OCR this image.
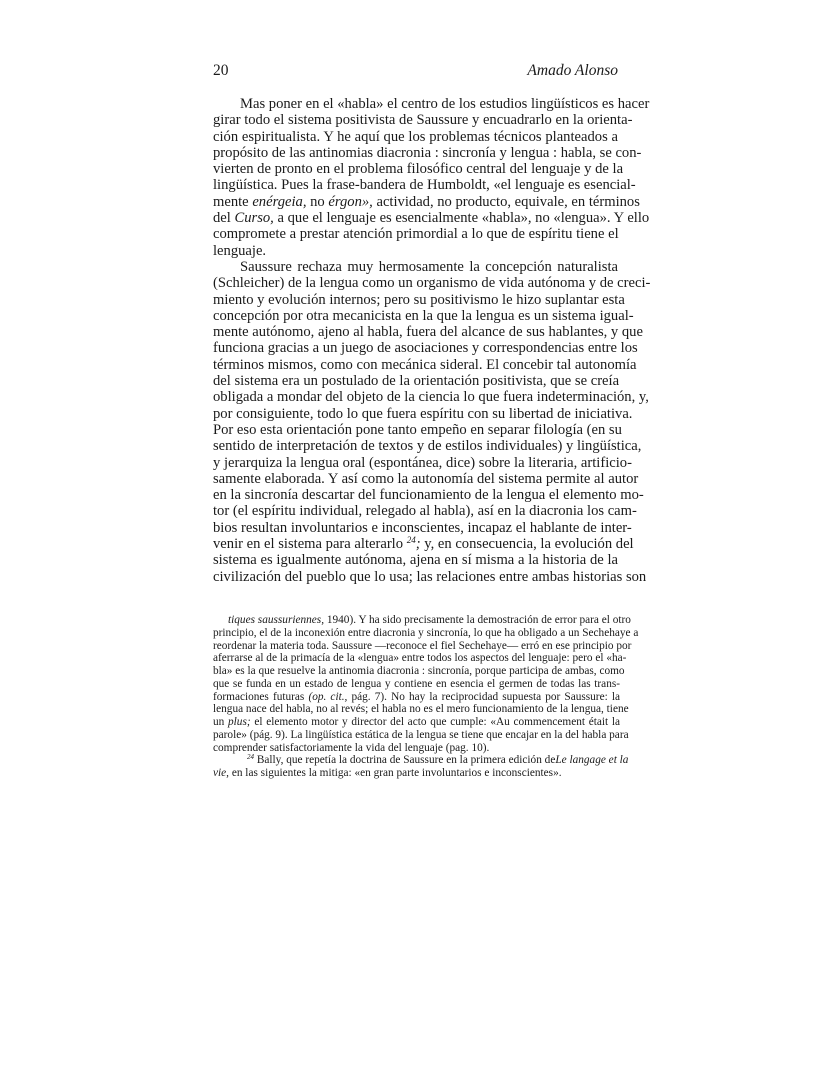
20	Amado Alonso
Mas poner en el «habla» el centro de los estudios lingüísticos es hacer
girar todo el sistema positivista de Saussure y encuadrarlo en la orienta-
ción espiritualista. Y he aquí que los problemas técnicos planteados a
propósito de las antinomias diacronia : sincronía y lengua : habla, se con-
vierten de pronto en el problema filosófico central del lenguaje y de la
lingüística. Pues la frase-bandera de Humboldt, «el lenguaje es esencial-
mente enérgeia, no érgon», actividad, no producto, equivale, en términos
del Curso, a que el lenguaje es esencialmente «habla», no «lengua». Y ello
compromete a prestar atención primordial a lo que de espíritu tiene el
lenguaje.
Saussure rechaza muy hermosamente la concepción naturalista
(Schleicher) de la lengua como un organismo de vida autónoma y de creci-
miento y evolución internos; pero su positivismo le hizo suplantar esta
concepción por otra mecanicista en la que la lengua es un sistema igual-
mente autónomo, ajeno al habla, fuera del alcance de sus hablantes, y que
funciona gracias a un juego de asociaciones y correspondencias entre los
términos mismos, como con mecánica sideral. El concebir tal autonomía
del sistema era un postulado de la orientación positivista, que se creía
obligada a mondar del objeto de la ciencia lo que fuera indeterminación, y,
por consiguiente, todo lo que fuera espíritu con su libertad de iniciativa.
Por eso esta orientación pone tanto empeño en separar filología (en su
sentido de interpretación de textos y de estilos individuales) y lingüística,
y jerarquiza la lengua oral (espontánea, dice) sobre la literaria, artificio-
samente elaborada. Y así como la autonomía del sistema permite al autor
en la sincronía descartar del funcionamiento de la lengua el elemento mo-
tor (el espíritu individual, relegado al habla), así en la diacronia los cam-
bios resultan involuntarios e inconscientes, incapaz el hablante de inter-
venir en el sistema para alterarlo $^{24}$; y, en consecuencia, la evolución del
sistema es igualmente autónoma, ajena en sí misma a la historia de la
civilización del pueblo que lo usa; las relaciones entre ambas historias son
tiques saussuriennes, 1940). Y ha sido precisamente la demostración de error para el otro
principio, el de la inconexión entre diacronia y sincronía, lo que ha obligado a un Sechehaye a
reordenar la materia toda. Saussure —reconoce el fiel Sechehaye— erró en ese principio por
aferrarse al de la primacía de la «lengua» entre todos los aspectos del lenguaje: pero el «ha-
bla» es la que resuelve la antinomia diacronia : sincronía, porque participa de ambas, como
que se funda en un estado de lengua y contiene en esencia el germen de todas las trans-
formaciones futuras (op. cit., pág. 7). No hay la reciprocidad supuesta por Saussure: la
lengua nace del habla, no al revés; el habla no es el mero funcionamiento de la lengua, tiene
un plus; el elemento motor y director del acto que cumple: «Au commencement était la
parole» (pág. 9). La lingüística estática de la lengua se tiene que encajar en la del habla para
comprender satisfactoriamente la vida del lenguaje (pag. 10).
$^{24}$ Bally, que repetía la doctrina de Saussure en la primera edición deLe langage et la
vie, en las siguientes la mitiga: «en gran parte involuntarios e inconscientes».
